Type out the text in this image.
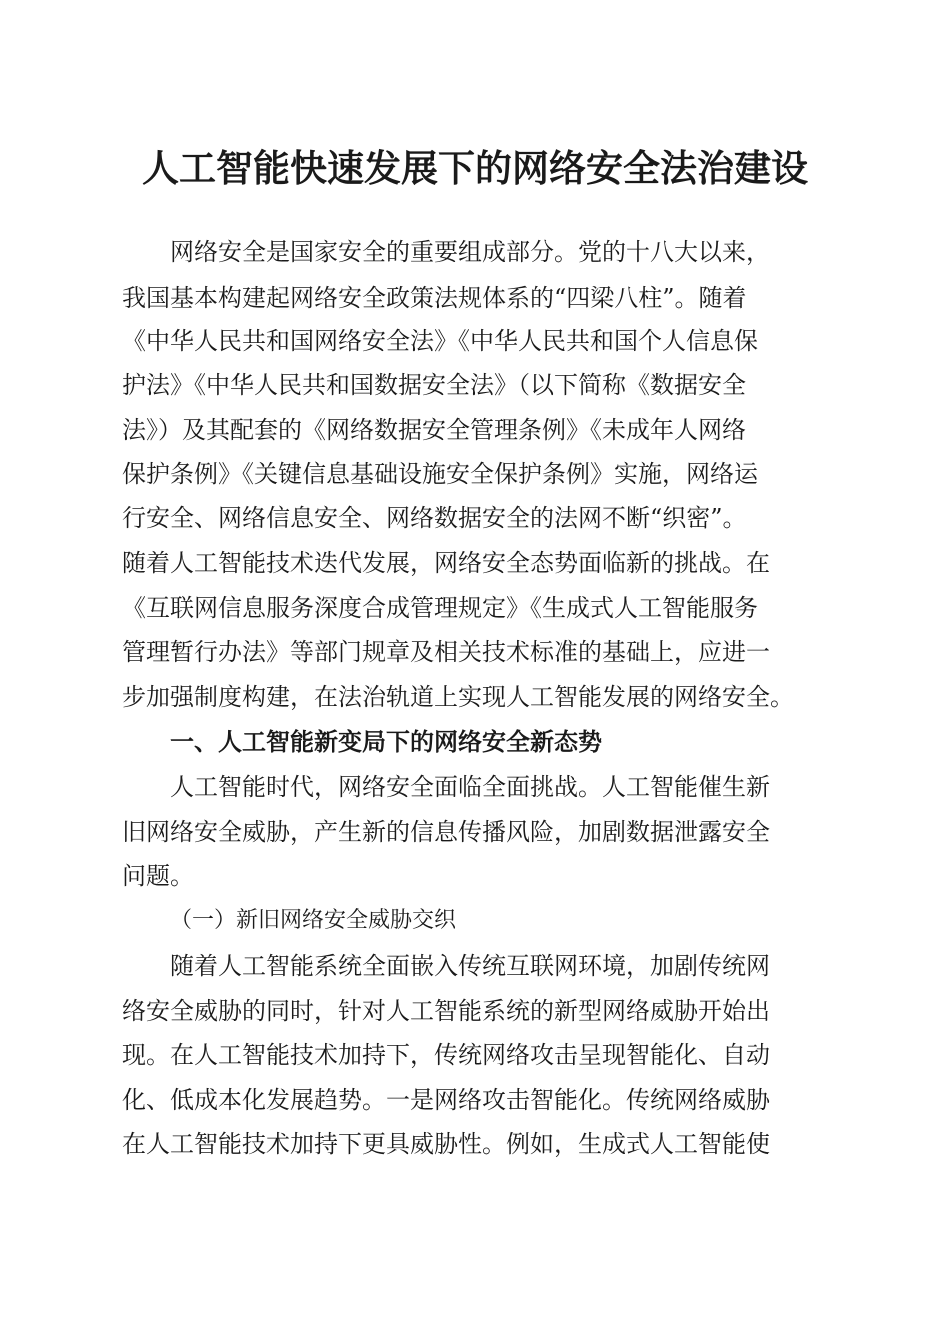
人工智能快速发展下的网络安全法治建设
网络安全是国家安全的重要组成部分。党的十八大以来，
我国基本构建起网络安全政策法规体系的“四梁八柱”。随着
《中华人民共和国网络安全法》《中华人民共和国个人信息保
护法》《中华人民共和国数据安全法》（以下简称《数据安全
法》）及其配套的《网络数据安全管理条例》《未成年人网络
保护条例》《关键信息基础设施安全保护条例》实施，网络运
行安全、网络信息安全、网络数据安全的法网不断“织密”。
随着人工智能技术迭代发展，网络安全态势面临新的挑战。在
《互联网信息服务深度合成管理规定》《生成式人工智能服务
管理暂行办法》等部门规章及相关技术标准的基础上，应进一
步加强制度构建，在法治轨道上实现人工智能发展的网络安全。
一、人工智能新变局下的网络安全新态势
人工智能时代，网络安全面临全面挑战。人工智能催生新
旧网络安全威胁，产生新的信息传播风险，加剧数据泄露安全
问题。
（一）新旧网络安全威胁交织
随着人工智能系统全面嵌入传统互联网环境，加剧传统网
络安全威胁的同时，针对人工智能系统的新型网络威胁开始出
现。在人工智能技术加持下，传统网络攻击呈现智能化、自动
化、低成本化发展趋势。一是网络攻击智能化。传统网络威胁
在人工智能技术加持下更具威胁性。例如，生成式人工智能使
